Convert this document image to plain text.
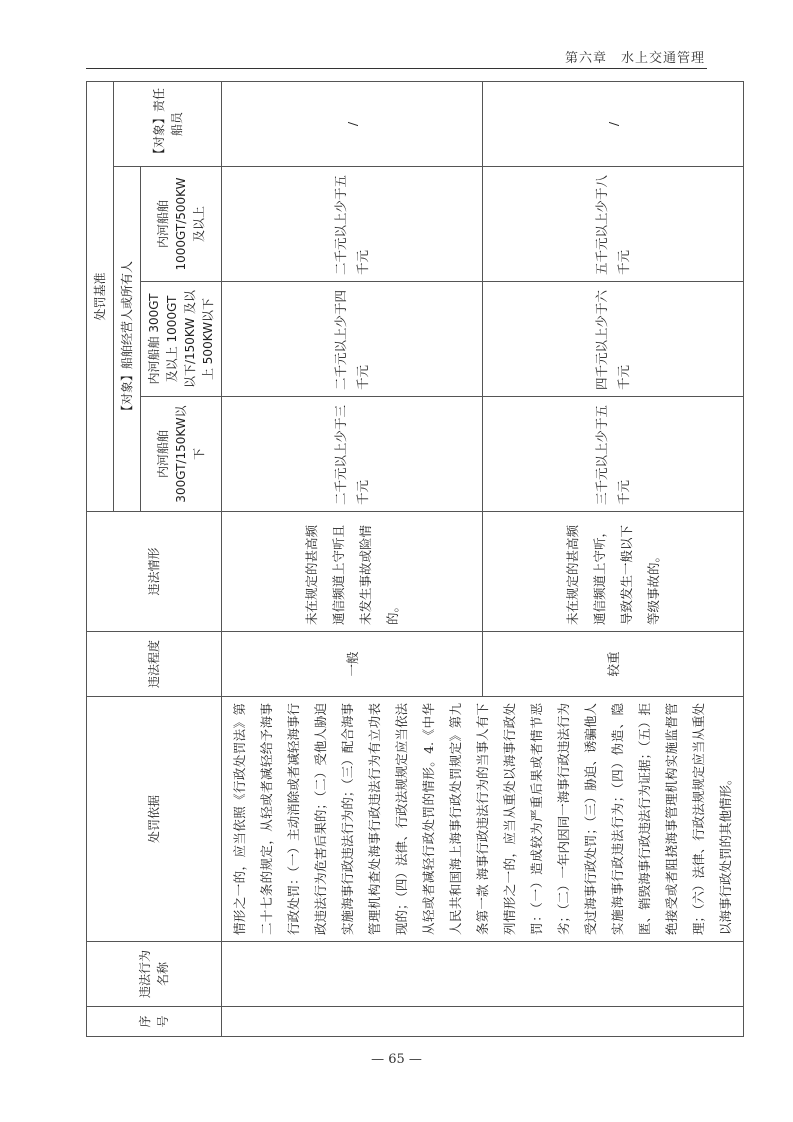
第六章　水上交通管理
序号	违法行为名称	处罚依据	违法程度	违法情形	处罚基准			
					【对象】船舶经营人或所有人			【对象】责任船员
					内河船舶300GT/150KW以下	内河船舶 300GT 及以上 1000GT 以下/150KW 及以上 500KW以下	内河船舶1000GT/500KW及以上	
		情形之一的，应当依照《行政处罚法》第二十七条的规定，从轻或者减轻给予海事行政处罚：（一）主动消除或者减轻海事行政违法行为危害后果的；（二）受他人胁迫实施海事行政违法行为的；（三）配合海事管理机构查处海事行政违法行为有立功表现的；（四）法律、行政法规规定应当依法从轻或者减轻行政处罚的情形。4.《中华人民共和国海上海事行政处罚规定》第九条第一款 海事行政违法行为的当事人有下列情形之一的，应当从重处以海事行政处罚：（一）造成较为严重后果或者情节恶劣；（二）一年内因同一海事行政违法行为受过海事行政处罚；（三）胁迫、诱骗他人实施海事行政违法行为；（四）伪造、隐匿、销毁海事行政违法行为证据；（五）拒绝接受或者阻挠海事管理机构实施监督管理；（六）法律、行政法规规定应当从重处以海事行政处罚的其他情形。	一般	未在规定的甚高频通信频道上守听且未发生事故或险情的。	二千元以上少于三千元	二千元以上少于四千元	二千元以上少于五千元	/
			较重	未在规定的甚高频通信频道上守听，导致发生一般以下等级事故的。	三千元以上少于五千元	四千元以上少于六千元	五千元以上少于八千元	/
— 65 —
